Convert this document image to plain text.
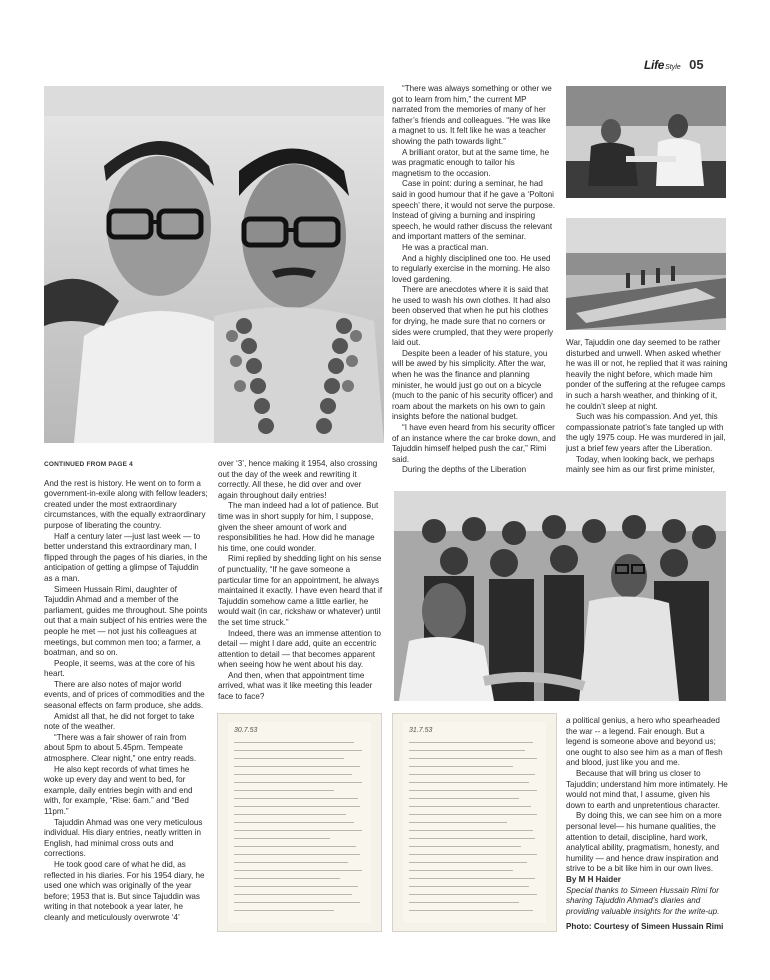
LifeStyle 05
30.7.53	31.7.53
CONTINUED FROM PAGE 4

And the rest is history. He went on to form a government-in-exile along with fellow leaders; created under the most extraordinary circumstances, with the equally extraordinary purpose of liberating the country.

Half a century later —just last week — to better understand this extraordinary man, I flipped through the pages of his diaries, in the anticipation of getting a glimpse of Tajuddin as a man.

Simeen Hussain Rimi, daughter of Tajuddin Ahmad and a member of the parliament, guides me throughout. She points out that a main subject of his entries were the people he met — not just his colleagues at meetings, but common men too; a farmer, a boatman, and so on.

People, it seems, was at the core of his heart.

There are also notes of major world events, and of prices of commodities and the seasonal effects on farm produce, she adds.

Amidst all that, he did not forget to take note of the weather.

“There was a fair shower of rain from about 5pm to about 5.45pm. Tempeate atmosphere. Clear night,” one entry reads.

He also kept records of what times he woke up every day and went to bed, for example, daily entries begin with and end with, for example, “Rise: 6am.” and “Bed 11pm.”

Tajuddin Ahmad was one very meticulous individual. His diary entries, neatly written in English, had minimal cross outs and corrections.

He took good care of what he did, as reflected in his diaries. For his 1954 diary, he used one which was originally of the year before; 1953 that is. But since Tajuddin was writing in that notebook a year later, he cleanly and meticulously overwrote ‘4’

over ‘3’, hence making it 1954, also crossing out the day of the week and rewriting it correctly. All these, he did over and over again throughout daily entries!

The man indeed had a lot of patience. But time was in short supply for him, I suppose, given the sheer amount of work and responsibilities he had. How did he manage his time, one could wonder.

Rimi replied by shedding light on his sense of punctuality, “If he gave someone a particular time for an appointment, he always maintained it exactly. I have even heard that if Tajuddin somehow came a little earlier, he would wait (in car, rickshaw or whatever) until the set time struck.”

Indeed, there was an immense attention to detail — might I dare add, quite an eccentric attention to detail — that becomes apparent when seeing how he went about his day.

And then, when that appointment time arrived, what was it like meeting this leader face to face?

“There was always something or other we got to learn from him,” the current MP narrated from the memories of many of her father’s friends and colleagues. “He was like a magnet to us. It felt like he was a teacher showing the path towards light.”

A brilliant orator, but at the same time, he was pragmatic enough to tailor his magnetism to the occasion.

Case in point: during a seminar, he had said in good humour that if he gave a ‘Poltoni speech’ there, it would not serve the purpose. Instead of giving a burning and inspiring speech, he would rather discuss the relevant and important matters of the seminar.

He was a practical man.

And a highly disciplined one too. He used to regularly exercise in the morning. He also loved gardening.

There are anecdotes where it is said that he used to wash his own clothes. It had also been observed that when he put his clothes for drying, he made sure that no corners or sides were crumpled, that they were properly laid out.

Despite been a leader of his stature, you will be awed by his simplicity. After the war, when he was the finance and planning minister, he would just go out on a bicycle (much to the panic of his security officer) and roam about the markets on his own to gain insights before the national budget.

“I have even heard from his security officer of an instance where the car broke down, and Tajuddin himself helped push the car,” Rimi said.

During the depths of the Liberation

War, Tajuddin one day seemed to be rather disturbed and unwell. When asked whether he was ill or not, he replied that it was raining heavily the night before, which made him ponder of the suffering at the refugee camps in such a harsh weather, and thinking of it, he couldn’t sleep at night.

Such was his compassion. And yet, this compassionate patriot’s fate tangled up with the ugly 1975 coup. He was murdered in jail, just a brief few years after the Liberation.

Today, when looking back, we perhaps mainly see him as our first prime minister,

a political genius, a hero who spearheaded the war -- a legend. Fair enough. But a legend is someone above and beyond us; one ought to also see him as a man of flesh and blood, just like you and me.

Because that will bring us closer to Tajuddin; understand him more intimately. He would not mind that, I assume, given his down to earth and unpretentious character.

By doing this, we can see him on a more personal level— his humane qualities, the attention to detail, discipline, hard work, analytical ability, pragmatism, honesty, and humility — and hence draw inspiration and strive to be a bit like him in our own lives.

By M H Haider

Special thanks to Simeen Hussain Rimi for sharing Tajuddin Ahmad’s diaries and providing valuable insights for the write-up.

Photo: Courtesy of Simeen Hussain Rimi
